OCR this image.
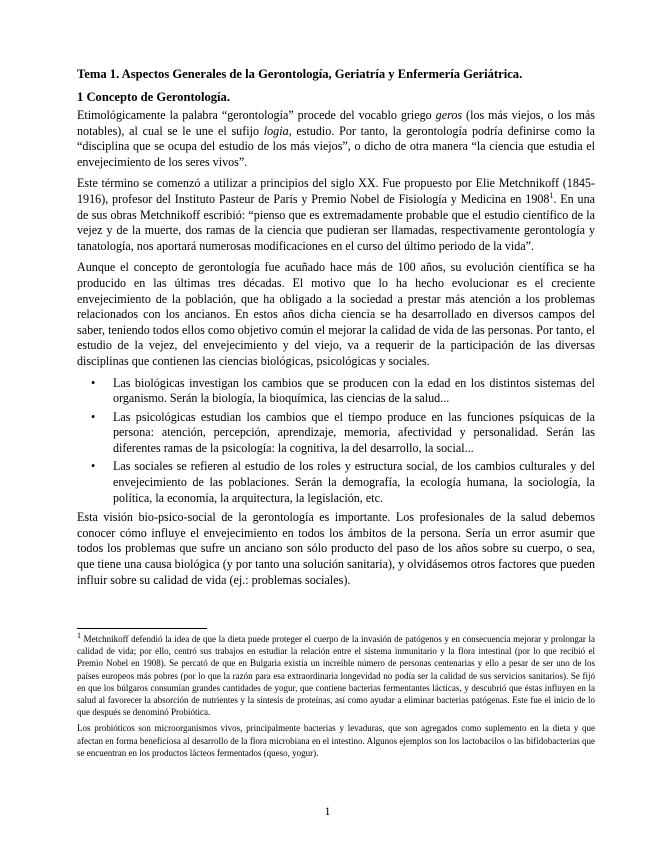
Tema 1. Aspectos Generales de la Gerontología, Geriatría y Enfermería Geriátrica.
1 Concepto de Gerontología.

Etimológicamente la palabra “gerontología” procede del vocablo griego geros (los más viejos, o los más notables), al cual se le une el sufijo logia, estudio. Por tanto, la gerontología podría definirse como la “disciplina que se ocupa del estudio de los más viejos”, o dicho de otra manera “la ciencia que estudia el envejecimiento de los seres vivos”.

Este término se comenzó a utilizar a principios del siglo XX. Fue propuesto por Elie Metchnikoff (1845-1916), profesor del Instituto Pasteur de París y Premio Nobel de Fisiología y Medicina en 1908$^1$. En una de sus obras Metchnikoff escribió: “pienso que es extremadamente probable que el estudio científico de la vejez y de la muerte, dos ramas de la ciencia que pudieran ser llamadas, respectivamente gerontología y tanatología, nos aportará numerosas modificaciones en el curso del último periodo de la vida”.

Aunque el concepto de gerontología fue acuñado hace más de 100 años, su evolución científica se ha producido en las últimas tres décadas. El motivo que lo ha hecho evolucionar es el creciente envejecimiento de la población, que ha obligado a la sociedad a prestar más atención a los problemas relacionados con los ancianos. En estos años dicha ciencia se ha desarrollado en diversos campos del saber, teniendo todos ellos como objetivo común el mejorar la calidad de vida de las personas. Por tanto, el estudio de la vejez, del envejecimiento y del viejo, va a requerir de la participación de las diversas disciplinas que contienen las ciencias biológicas, psicológicas y sociales.

• Las biológicas investigan los cambios que se producen con la edad en los distintos sistemas del organismo. Serán la biología, la bioquímica, las ciencias de la salud...
• Las psicológicas estudian los cambios que el tiempo produce en las funciones psíquicas de la persona: atención, percepción, aprendizaje, memoria, afectividad y personalidad. Serán las diferentes ramas de la psicología: la cognitiva, la del desarrollo, la social...
• Las sociales se refieren al estudio de los roles y estructura social, de los cambios culturales y del envejecimiento de las poblaciones. Serán la demografía, la ecología humana, la sociología, la política, la economía, la arquitectura, la legislación, etc.

Esta visión bio-psico-social de la gerontología es importante. Los profesionales de la salud debemos conocer cómo influye el envejecimiento en todos los ámbitos de la persona. Sería un error asumir que todos los problemas que sufre un anciano son sólo producto del paso de los años sobre su cuerpo, o sea, que tiene una causa biológica (y por tanto una solución sanitaria), y olvidásemos otros factores que pueden influir sobre su calidad de vida (ej.: problemas sociales).

$^1$ Metchnikoff defendió la idea de que la dieta puede proteger el cuerpo de la invasión de patógenos y en consecuencia mejorar y prolongar la calidad de vida; por ello, centró sus trabajos en estudiar la relación entre el sistema inmunitario y la flora intestinal (por lo que recibió el Premio Nobel en 1908). Se percató de que en Bulgaria existía un increíble número de personas centenarias y ello a pesar de ser uno de los países europeos más pobres (por lo que la razón para esa extraordinaria longevidad no podía ser la calidad de sus servicios sanitarios). Se fijó en que los búlgaros consumían grandes cantidades de yogur, que contiene bacterias fermentantes lácticas, y descubrió que éstas influyen en la salud al favorecer la absorción de nutrientes y la síntesis de proteínas, así como ayudar a eliminar bacterias patógenas. Este fue el inicio de lo que después se denominó Probiótica.

Los probióticos son microorganismos vivos, principalmente bacterias y levaduras, que son agregados como suplemento en la dieta y que afectan en forma beneficiosa al desarrollo de la flora microbiana en el intestino. Algunos ejemplos son los lactobacilos o las bifidobacterias que se encuentran en los productos lácteos fermentados (queso, yogur).

1
